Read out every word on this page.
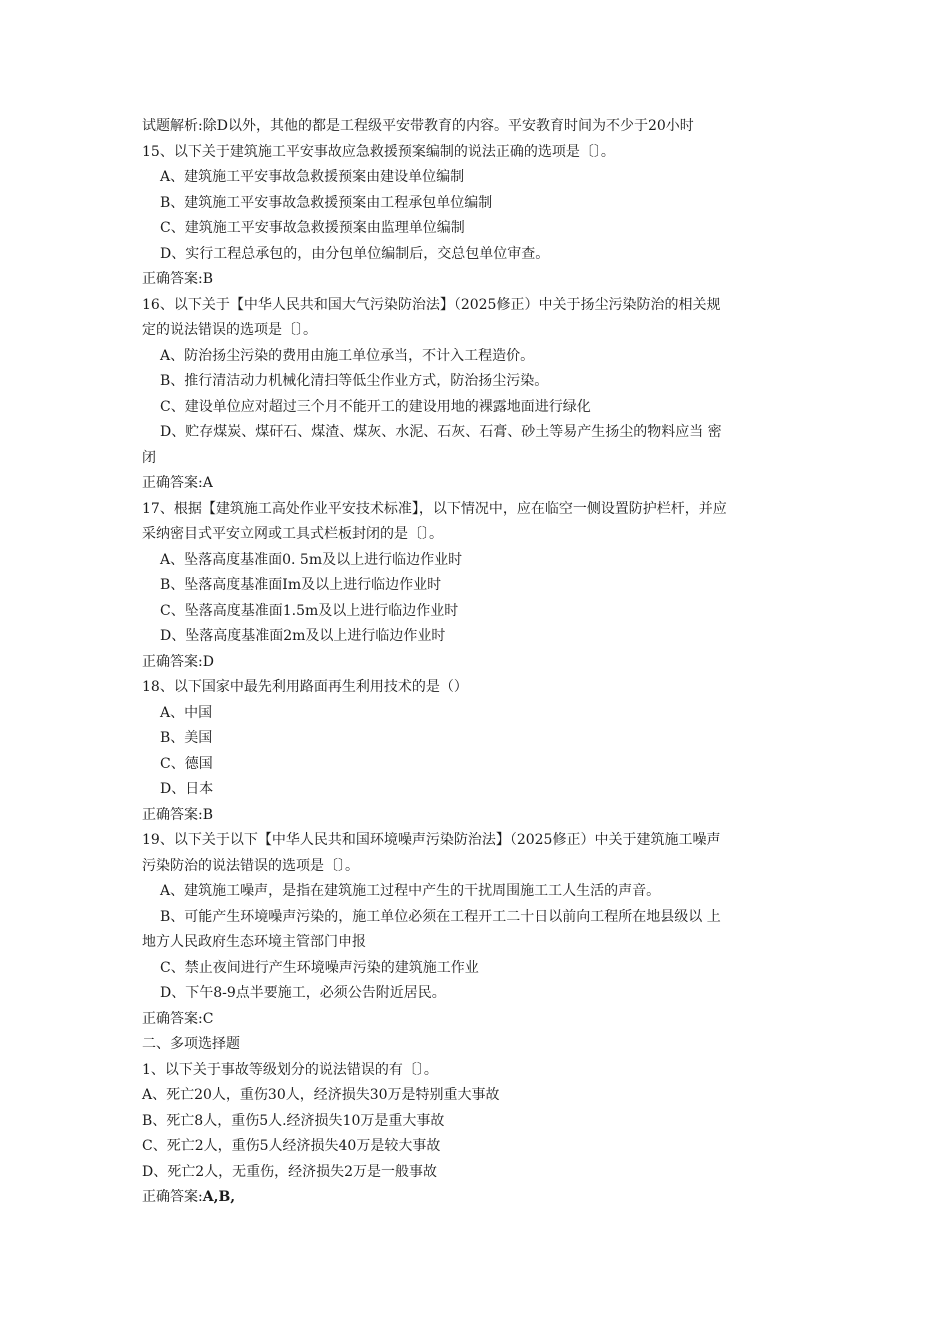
试题解析:除D以外，其他的都是工程级平安带教育的内容。平安教育时间为不少于20小时
15、以下关于建筑施工平安事故应急救援预案编制的说法正确的选项是〔〕。
A、建筑施工平安事故急救援预案由建设单位编制
B、建筑施工平安事故急救援预案由工程承包单位编制
C、建筑施工平安事故急救援预案由监理单位编制
D、实行工程总承包的，由分包单位编制后，交总包单位审查。
正确答案:B
16、以下关于【中华人民共和国大气污染防治法】（2025修正）中关于扬尘污染防治的相关规
定的说法错误的选项是〔〕。
A、防治扬尘污染的费用由施工单位承当，不计入工程造价。
B、推行清洁动力机械化清扫等低尘作业方式，防治扬尘污染。
C、建设单位应对超过三个月不能开工的建设用地的裸露地面进行绿化
D、贮存煤炭、煤矸石、煤渣、煤灰、水泥、石灰、石膏、砂土等易产生扬尘的物料应当 密
闭
正确答案:A
17、根据【建筑施工高处作业平安技术标准】，以下情况中，应在临空一侧设置防护栏杆，并应
采纳密目式平安立网或工具式栏板封闭的是〔〕。
A、坠落高度基准面0. 5m及以上进行临边作业时
B、坠落高度基准面Im及以上进行临边作业时
C、坠落高度基准面1.5m及以上进行临边作业时
D、坠落高度基准面2m及以上进行临边作业时
正确答案:D
18、以下国家中最先利用路面再生利用技术的是（）
A、中国
B、美国
C、德国
D、日本
正确答案:B
19、以下关于以下【中华人民共和国环境噪声污染防治法】（2025修正）中关于建筑施工噪声
污染防治的说法错误的选项是〔〕。
A、建筑施工噪声，是指在建筑施工过程中产生的干扰周围施工工人生活的声音。
B、可能产生环境噪声污染的，施工单位必须在工程开工二十日以前向工程所在地县级以 上
地方人民政府生态环境主管部门申报
C、禁止夜间进行产生环境噪声污染的建筑施工作业
D、下午8-9点半要施工，必须公告附近居民。
正确答案:C
二、多项选择题
1、以下关于事故等级划分的说法错误的有〔〕。
A、死亡20人，重伤30人，经济损失30万是特别重大事故
B、死亡8人，重伤5人.经济损失10万是重大事故
C、死亡2人，重伤5人经济损失40万是较大事故
D、死亡2人，无重伤，经济损失2万是一般事故
正确答案:A,B,
